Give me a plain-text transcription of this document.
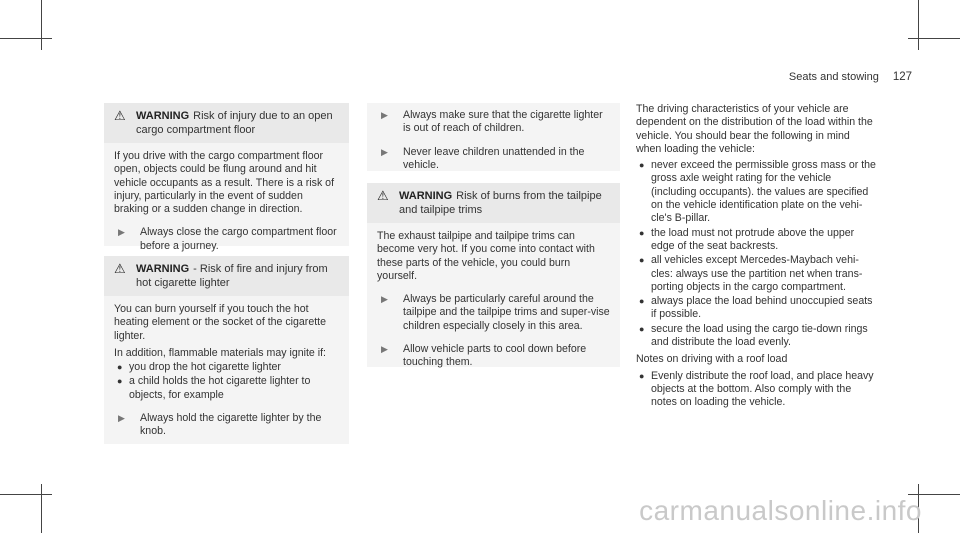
Seats and stowing 127
⚠ WARNING Risk of injury due to an open cargo compartment floor

If you drive with the cargo compartment floor open, objects could be flung around and hit vehicle occupants as a result. There is a risk of injury, particularly in the event of sudden braking or a sudden change in direction.

▶	Always close the cargo compartment floor before a journey.
⚠ WARNING - Risk of fire and injury from hot cigarette lighter

You can burn yourself if you touch the hot heating element or the socket of the cigarette lighter.

In addition, flammable materials may ignite if:

● you drop the hot cigarette lighter
● a child holds the hot cigarette lighter to objects, for example
▶	Always hold the cigarette lighter by the knob.
▶	Always make sure that the cigarette lighter is out of reach of children.
▶	Never leave children unattended in the vehicle.
⚠ WARNING Risk of burns from the tailpipe and tailpipe trims

The exhaust tailpipe and tailpipe trims can become very hot. If you come into contact with these parts of the vehicle, you could burn yourself.

▶	Always be particularly careful around the tailpipe and the tailpipe trims and super-vise children especially closely in this area.
▶	Allow vehicle parts to cool down before touching them.

The driving characteristics of your vehicle are dependent on the distribution of the load within the vehicle. You should bear the following in mind when loading the vehicle:

● never exceed the permissible gross mass or the gross axle weight rating for the vehicle (including occupants). the values are specified on the vehicle identification plate on the vehi-cle's B-pillar.
● the load must not protrude above the upper edge of the seat backrests.
● all vehicles except Mercedes-Maybach vehi-cles: always use the partition net when trans-porting objects in the cargo compartment.
● always place the load behind unoccupied seats if possible.
● secure the load using the cargo tie-down rings and distribute the load evenly.

Notes on driving with a roof load

● Evenly distribute the roof load, and place heavy objects at the bottom. Also comply with the notes on loading the vehicle.
carmanualsonline.info
